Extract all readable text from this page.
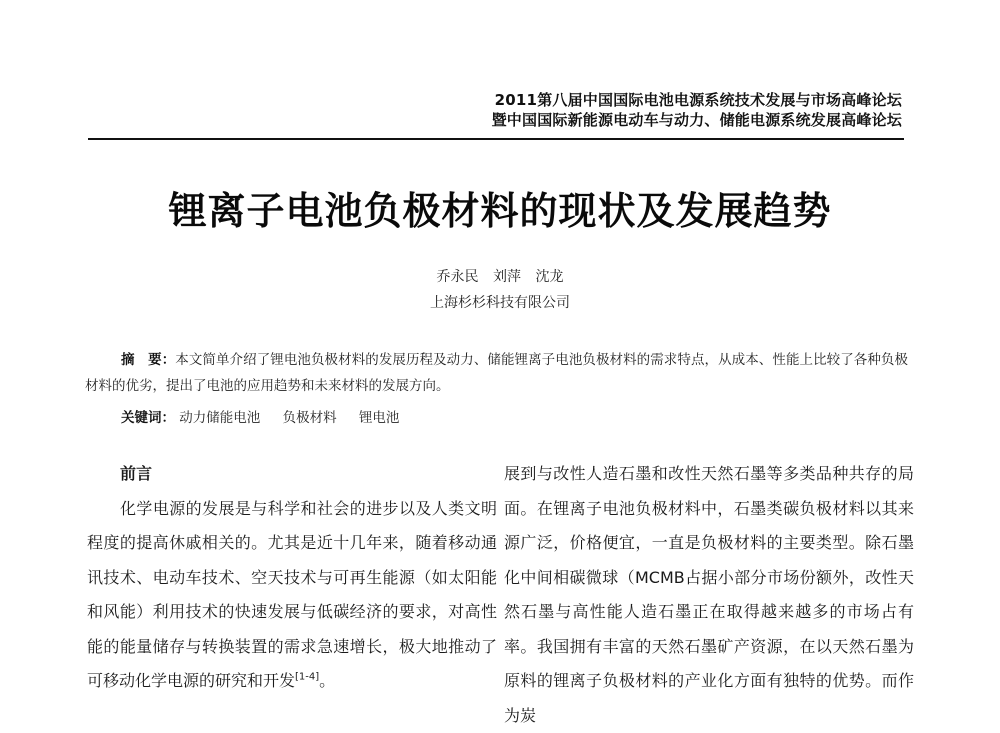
2011第八届中国国际电池电源系统技术发展与市场高峰论坛
暨中国国际新能源电动车与动力、储能电源系统发展高峰论坛
锂离子电池负极材料的现状及发展趋势
乔永民 刘萍 沈龙
上海杉杉科技有限公司
摘　要：本文简单介绍了锂电池负极材料的发展历程及动力、储能锂离子电池负极材料的需求特点，从成本、性能上比较了各种负极材料的优劣，提出了电池的应用趋势和未来材料的发展方向。
关键词： 动力储能电池 负极材料 锂电池
前言

化学电源的发展是与科学和社会的进步以及人类文明程度的提高休戚相关的。尤其是近十几年来，随着移动通讯技术、电动车技术、空天技术与可再生能源（如太阳能和风能）利用技术的快速发展与低碳经济的要求，对高性能的能量储存与转换装置的需求急速增长，极大地推动了可移动化学电源的研究和开发[1-4]。

展到与改性人造石墨和改性天然石墨等多类品种共存的局面。在锂离子电池负极材料中，石墨类碳负极材料以其来源广泛，价格便宜，一直是负极材料的主要类型。除石墨化中间相碳微球（MCMB占据小部分市场份额外，改性天然石墨与高性能人造石墨正在取得越来越多的市场占有率。我国拥有丰富的天然石墨矿产资源，在以天然石墨为原料的锂离子负极材料的产业化方面有独特的优势。而作为炭
